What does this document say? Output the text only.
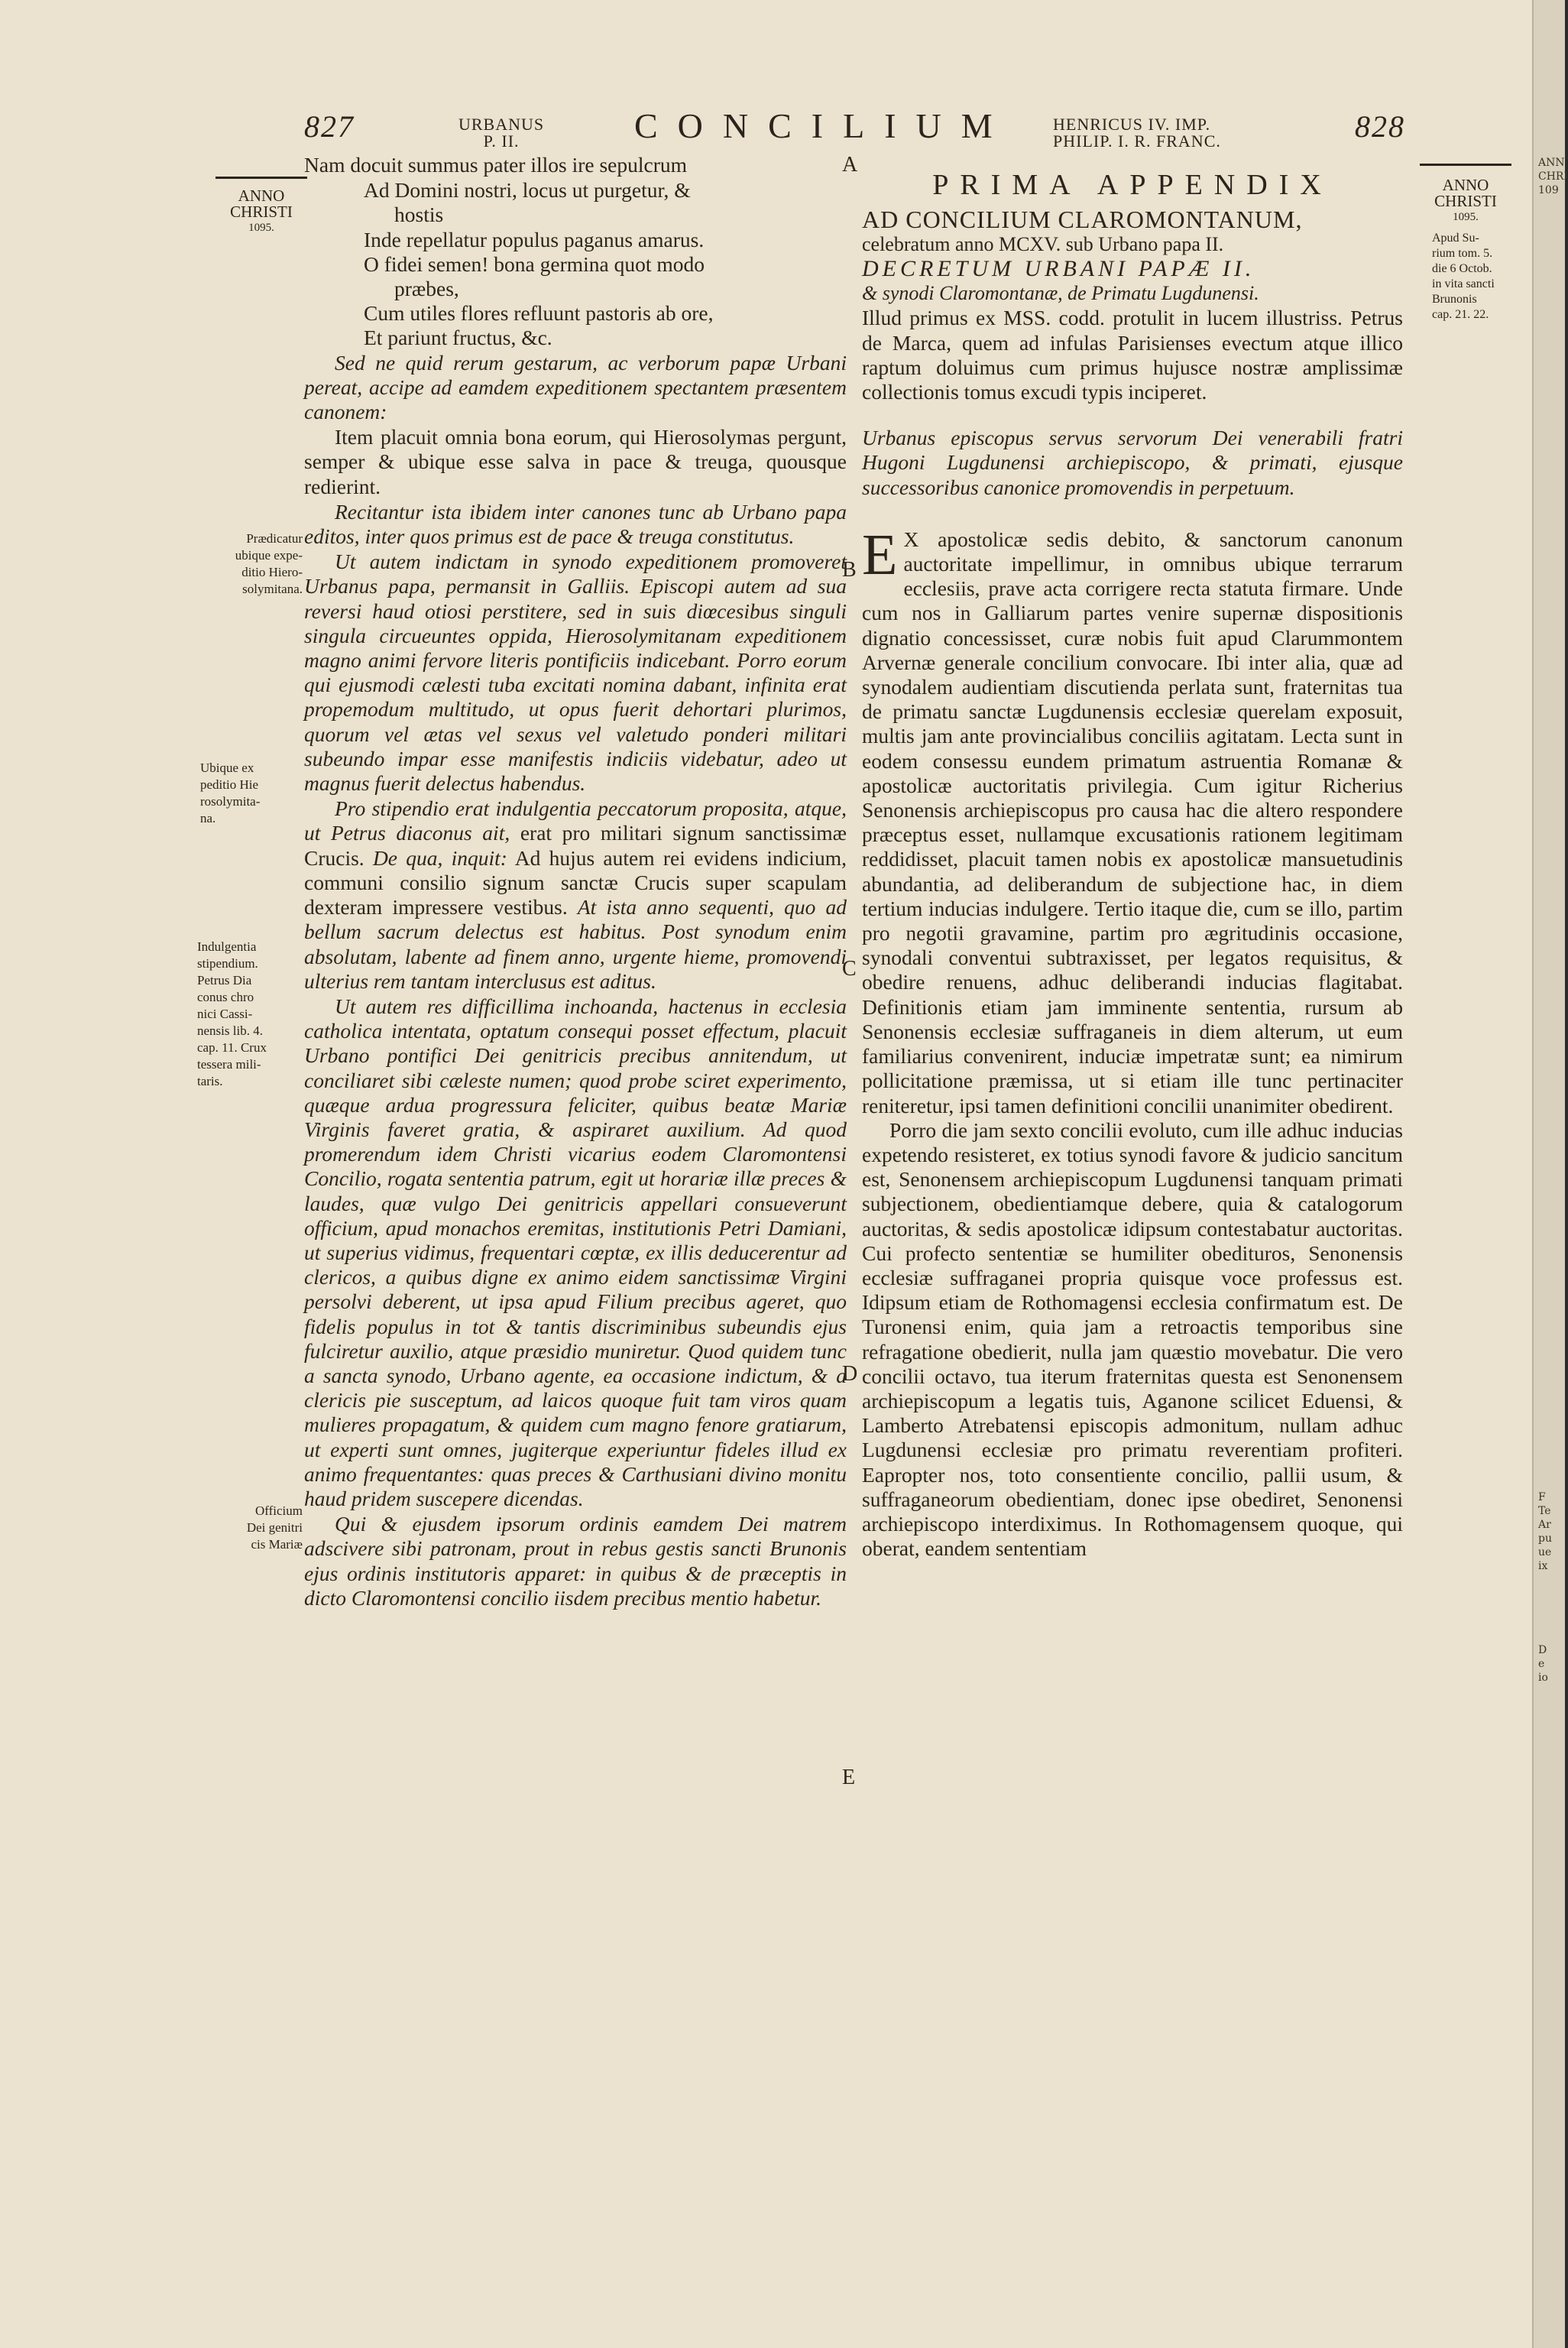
827	URBANUS
P. II.	CONCILIUM HENRICUS IV. IMP.
PHILIP. I. R. FRANC.	828
ANNO
CHRISTI
1095.
Prædicatur
ubique expe-
ditio Hiero-
solymitana.
Ubique ex
peditio Hie
rosolymita-
na.
Indulgentia
stipendium.
Petrus Dia
conus chro
nici Cassi-
nensis lib. 4.
cap. 11. Crux
tessera mili-
taris.
Officium
Dei genitri
cis Mariæ
A
B
C
D
E

Nam docuit summus pater illos ire sepulcrum

Ad Domini nostri, locus ut purgetur, &
hostis
Inde repellatur populus paganus amarus.
O fidei semen! bona germina quot modo
præbes,
Cum utiles flores refluunt pastoris ab ore,
Et pariunt fructus, &c.

Sed ne quid rerum gestarum, ac verborum papæ Urbani pereat, accipe ad eamdem expeditionem spectantem præsentem canonem:

Item placuit omnia bona eorum, qui Hierosolymas pergunt, semper & ubique esse salva in pace & treuga, quousque redierint.

Recitantur ista ibidem inter canones tunc ab Urbano papa editos, inter quos primus est de pace & treuga constitutus.

Ut autem indictam in synodo expeditionem promoveret Urbanus papa, permansit in Galliis. Episcopi autem ad sua reversi haud otiosi perstitere, sed in suis diœcesibus singuli singula circueuntes oppida, Hierosolymitanam expeditionem magno animi fervore literis pontificiis indicebant. Porro eorum qui ejusmodi cælesti tuba excitati nomina dabant, infinita erat propemodum multitudo, ut opus fuerit dehortari plurimos, quorum vel ætas vel sexus vel valetudo ponderi militari subeundo impar esse manifestis indiciis videbatur, adeo ut magnus fuerit delectus habendus.

Pro stipendio erat indulgentia peccatorum proposita, atque, ut Petrus diaconus ait, erat pro militari signum sanctissimæ Crucis. De qua, inquit: Ad hujus autem rei evidens indicium, communi consilio signum sanctæ Crucis super scapulam dexteram impressere vestibus. At ista anno sequenti, quo ad bellum sacrum delectus est habitus. Post synodum enim absolutam, labente ad finem anno, urgente hieme, promovendi ulterius rem tantam interclusus est aditus.

Ut autem res difficillima inchoanda, hactenus in ecclesia catholica intentata, optatum consequi posset effectum, placuit Urbano pontifici Dei genitricis precibus annitendum, ut conciliaret sibi cæleste numen; quod probe sciret experimento, quæque ardua progressura feliciter, quibus beatæ Mariæ Virginis faveret gratia, & aspiraret auxilium. Ad quod promerendum idem Christi vicarius eodem Claromontensi Concilio, rogata sententia patrum, egit ut horariæ illæ preces & laudes, quæ vulgo Dei genitricis appellari consueverunt officium, apud monachos eremitas, institutionis Petri Damiani, ut superius vidimus, frequentari cœptæ, ex illis deducerentur ad clericos, a quibus digne ex animo eidem sanctissimæ Virgini persolvi deberent, ut ipsa apud Filium precibus ageret, quo fidelis populus in tot & tantis discriminibus subeundis ejus fulciretur auxilio, atque præsidio muniretur. Quod quidem tunc a sancta synodo, Urbano agente, ea occasione indictum, & a clericis pie susceptum, ad laicos quoque fuit tam viros quam mulieres propagatum, & quidem cum magno fenore gratiarum, ut experti sunt omnes, jugiterque experiuntur fideles illud ex animo frequentantes: quas preces & Carthusiani divino monitu haud pridem suscepere dicendas.

Qui & ejusdem ipsorum ordinis eamdem Dei matrem adscivere sibi patronam, prout in rebus gestis sancti Brunonis ejus ordinis institutoris apparet: in quibus & de præceptis in dicto Claromontensi concilio iisdem precibus mentio habetur.

PRIMA APPENDIX

AD CONCILIUM CLAROMONTANUM,

celebratum anno MCXV. sub Urbano papa II.

DECRETUM URBANI PAPÆ II.

& synodi Claromontanæ, de Primatu Lugdunensi.

Illud primus ex MSS. codd. protulit in lucem illustriss. Petrus de Marca, quem ad infulas Parisienses evectum atque illico raptum doluimus cum primus hujusce nostræ amplissimæ collectionis tomus excudi typis inciperet.

Urbanus episcopus servus servorum Dei venerabili fratri Hugoni Lugdunensi archiepiscopo, & primati, ejusque successoribus canonice promovendis in perpetuum.

E X apostolicæ sedis debito, & sanctorum canonum auctoritate impellimur, in omnibus ubique terrarum ecclesiis, prave acta corrigere recta statuta firmare. Unde cum nos in Galliarum partes venire supernæ dispositionis dignatio concessisset, curæ nobis fuit apud Clarummontem Arvernæ generale concilium convocare. Ibi inter alia, quæ ad synodalem audientiam discutienda perlata sunt, fraternitas tua de primatu sanctæ Lugdunensis ecclesiæ querelam exposuit, multis jam ante provincialibus conciliis agitatam. Lecta sunt in eodem consessu eundem primatum astruentia Romanæ & apostolicæ auctoritatis privilegia. Cum igitur Richerius Senonensis archiepiscopus pro causa hac die altero respondere præceptus esset, nullamque excusationis rationem legitimam reddidisset, placuit tamen nobis ex apostolicæ mansuetudinis abundantia, ad deliberandum de subjectione hac, in diem tertium inducias indulgere. Tertio itaque die, cum se illo, partim pro negotii gravamine, partim pro ægritudinis occasione, synodali conventui subtraxisset, per legatos requisitus, & obedire renuens, adhuc deliberandi inducias flagitabat. Definitionis etiam jam imminente sententia, rursum ab Senonensis ecclesiæ suffraganeis in diem alterum, ut eum familiarius convenirent, induciæ impetratæ sunt; ea nimirum pollicitatione præmissa, ut si etiam ille tunc pertinaciter reniteretur, ipsi tamen definitioni concilii unanimiter obedirent.

Porro die jam sexto concilii evoluto, cum ille adhuc inducias expetendo resisteret, ex totius synodi favore & judicio sancitum est, Senonensem archiepiscopum Lugdunensi tanquam primati subjectionem, obedientiamque debere, quia & catalogorum auctoritas, & sedis apostolicæ idipsum contestabatur auctoritas. Cui profecto sententiæ se humiliter obedituros, Senonensis ecclesiæ suffraganei propria quisque voce professus est. Idipsum etiam de Rothomagensi ecclesia confirmatum est. De Turonensi enim, quia jam a retroactis temporibus sine refragatione obedierit, nulla jam quæstio movebatur. Die vero concilii octavo, tua iterum fraternitas questa est Senonensem archiepiscopum a legatis tuis, Aganone scilicet Eduensi, & Lamberto Atrebatensi episcopis admonitum, nullam adhuc Lugdunensi ecclesiæ pro primatu reverentiam profiteri. Eapropter nos, toto consentiente concilio, pallii usum, & suffraganeorum obedientiam, donec ipse obediret, Senonensi archiepiscopo interdiximus. In Rothomagensem quoque, qui oberat, eandem sententiam

ANNO
CHRISTI
1095.
Apud Su-
rium tom. 5.
die 6 Octob.
in vita sancti
Brunonis
cap. 21. 22.
ANN
CHRI
109
F
Te
Ar
pu
ue
ix
D
e
io
